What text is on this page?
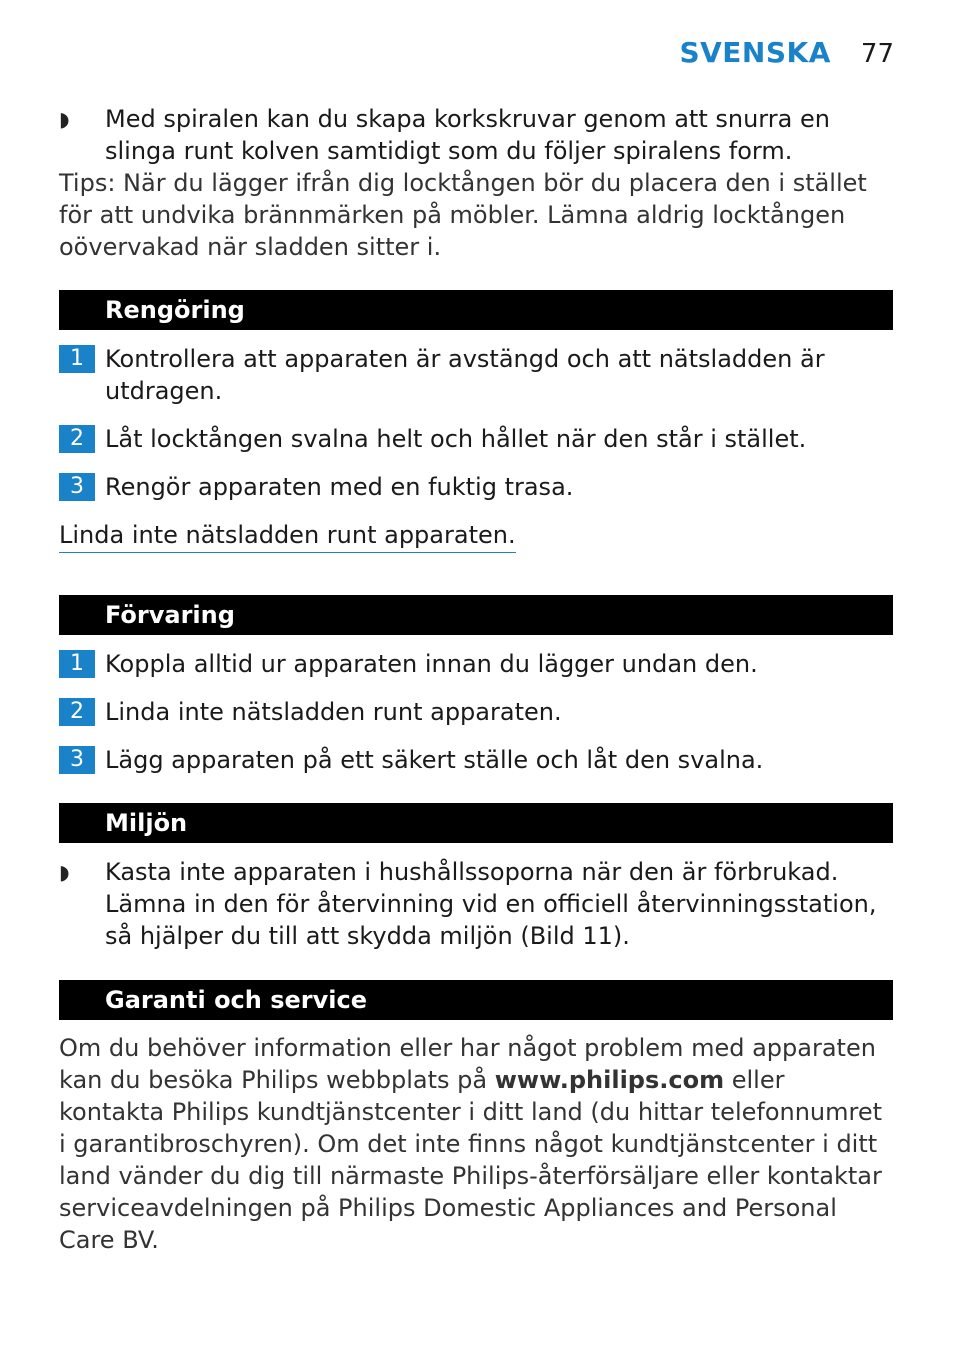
SVENSKA 77
◗	Med spiralen kan du skapa korkskruvar genom att snurra en slinga runt kolven samtidigt som du följer spiralens form.
Tips: När du lägger ifrån dig locktången bör du placera den i stället för att undvika brännmärken på möbler. Lämna aldrig locktången oövervakad när sladden sitter i.
Rengöring
1 Kontrollera att apparaten är avstängd och att nätsladden är utdragen.
2 Låt locktången svalna helt och hållet när den står i stället.
3 Rengör apparaten med en fuktig trasa.
Linda inte nätsladden runt apparaten.
Förvaring
1 Koppla alltid ur apparaten innan du lägger undan den.
2 Linda inte nätsladden runt apparaten.
3 Lägg apparaten på ett säkert ställe och låt den svalna.
Miljön
◗	Kasta inte apparaten i hushållssoporna när den är förbrukad. Lämna in den för återvinning vid en officiell återvinningsstation, så hjälper du till att skydda miljön (Bild 11).
Garanti och service
Om du behöver information eller har något problem med apparaten kan du besöka Philips webbplats på www.philips.com eller kontakta Philips kundtjänstcenter i ditt land (du hittar telefonnumret i garantibroschyren). Om det inte finns något kundtjänstcenter i ditt land vänder du dig till närmaste Philips-återförsäljare eller kontaktar serviceavdelningen på Philips Domestic Appliances and Personal Care BV.
